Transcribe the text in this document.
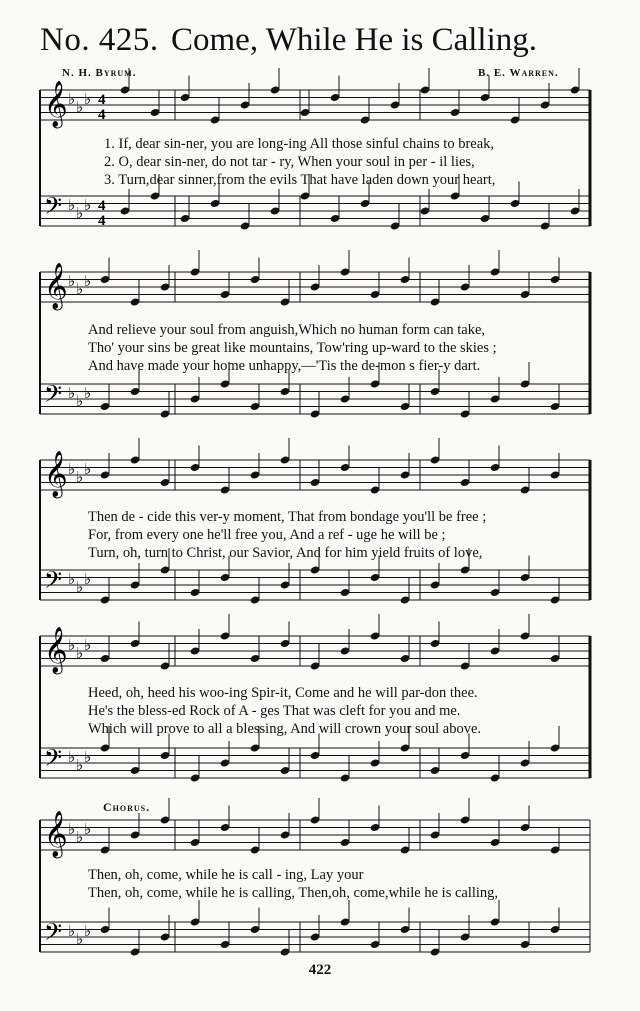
No. 425. Come, While He is Calling.
N. H. Byrum.	B. E. Warren.
𝄞 ♭ ♭ ♭ 4
4
𝄢 ♭ ♭ ♭ 4
4
𝄞 ♭ ♭ ♭
𝄢 ♭ ♭ ♭
𝄞 ♭ ♭ ♭
𝄢 ♭ ♭ ♭
𝄞 ♭ ♭ ♭
𝄢 ♭ ♭ ♭
𝄞 ♭ ♭ ♭
𝄢 ♭ ♭ ♭
1. If, dear sin-ner, you are long-ing All those sinful chains to break,
2. O, dear sin-ner, do not tar - ry, When your soul in per - il lies,
3. Turn,dear sinner,from the evils That have laden down your heart,
And relieve your soul from anguish,Which no human form can take,
Tho' your sins be great like mountains, Tow'ring up-ward to the skies ;
And have made your home unhappy,—'Tis the de-mon s fier-y dart.
Then de - cide this ver-y moment, That from bondage you'll be free ;
For, from every one he'll free you, And a ref - uge he will be ;
Turn, oh, turn to Christ, our Savior, And for him yield fruits of love,
Heed, oh, heed his woo-ing Spir-it, Come and he will par-don thee.
He's the bless-ed Rock of A - ges That was cleft for you and me.
Which will prove to all a blessing, And will crown your soul above.
Chorus.
Then, oh, come, while he is call - ing, Lay your
Then, oh, come, while he is calling, Then,oh, come,while he is calling,
422
